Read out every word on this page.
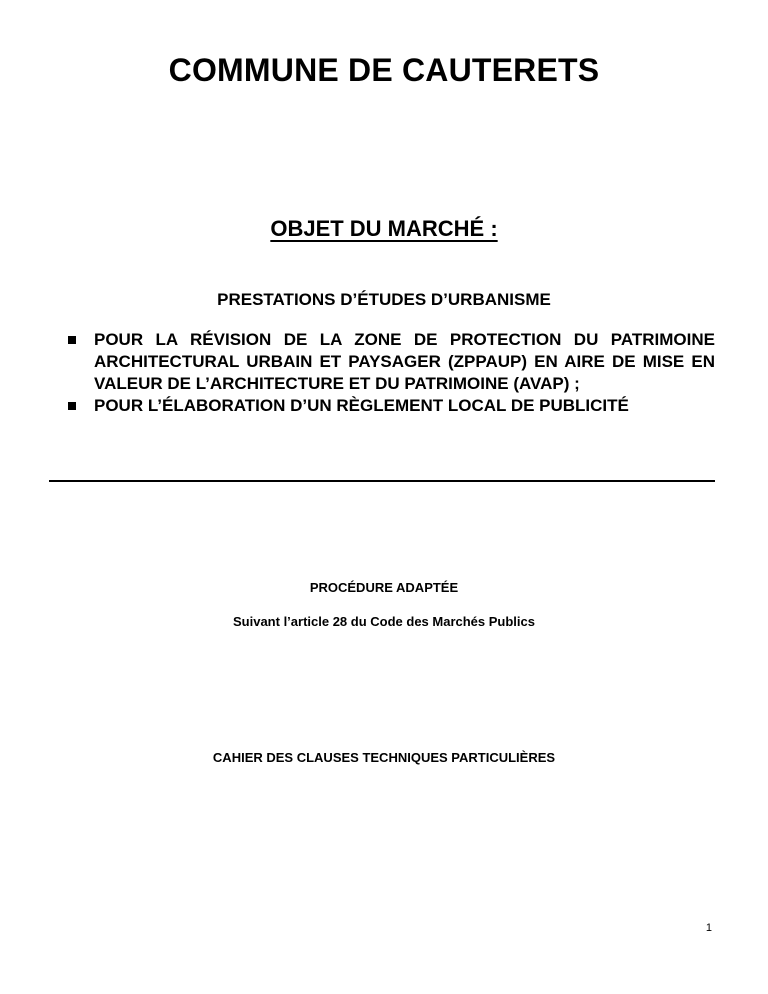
COMMUNE DE CAUTERETS
OBJET DU MARCHÉ :
PRESTATIONS D’ÉTUDES D’URBANISME
POUR LA RÉVISION DE LA ZONE DE PROTECTION DU PATRIMOINE ARCHITECTURAL URBAIN ET PAYSAGER (ZPPAUP) EN AIRE DE MISE EN VALEUR DE L’ARCHITECTURE ET DU PATRIMOINE (AVAP) ;
POUR L’ÉLABORATION D’UN RÈGLEMENT LOCAL DE PUBLICITÉ
PROCÉDURE ADAPTÉE
Suivant l’article 28 du Code des Marchés Publics
CAHIER DES CLAUSES TECHNIQUES PARTICULIÈRES
1
